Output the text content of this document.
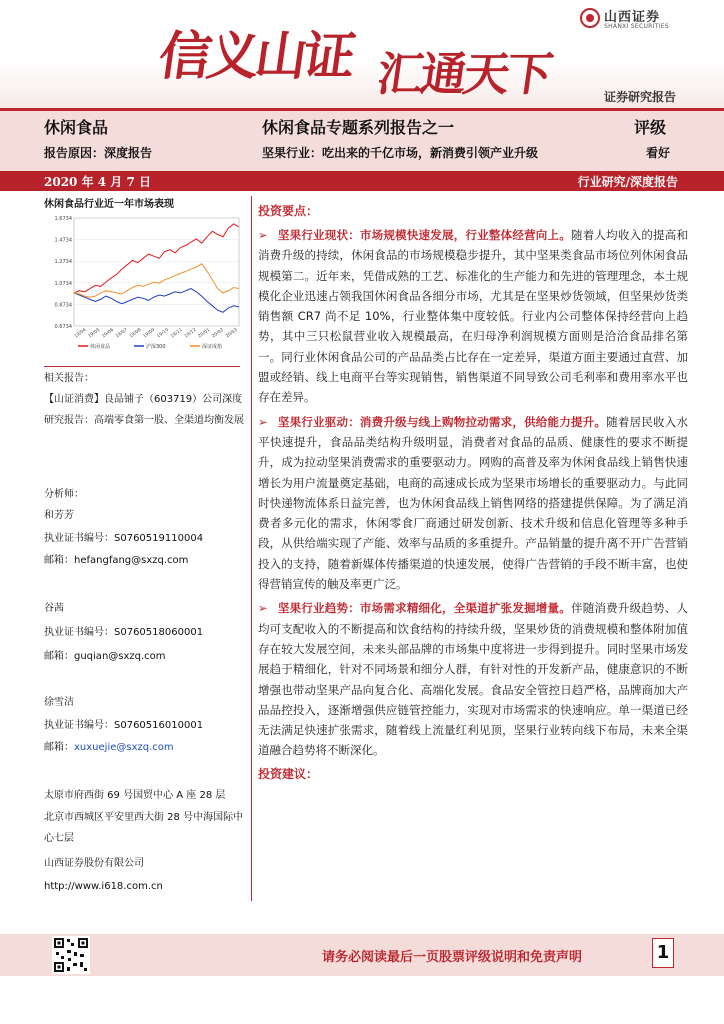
信义山证 汇通天下
山西证券
SHANXI SECURITIES
证券研究报告
休闲食品
报告原因：深度报告
休闲食品专题系列报告之一
坚果行业：吃出来的千亿市场，新消费引领产业升级
评级
看好
2020 年 4 月 7 日	行业研究/深度报告
休闲食品行业近一年市场表现
1.6734
1.4734
1.2734
1.0734
0.8734
0.6734
19/04 19/05 19/06 19/07 19/08 19/09 19/10 19/11 19/12 20/01 20/02 20/03
休闲食品	沪深300	深证成指
相关报告：
【山证消费】良品铺子（603719）公司深度研究报告：高端零食第一股、全渠道均衡发展
分析师：
和芳芳
执业证书编号：S0760519110004
邮箱：hefangfang@sxzq.com
谷茜
执业证书编号：S0760518060001
邮箱：guqian@sxzq.com
徐雪洁
执业证书编号：S0760516010001
邮箱：xuxuejie@sxzq.com
太原市府西街 69 号国贸中心 A 座 28 层
北京市西城区平安里西大街 28 号中海国际中心七层
山西证券股份有限公司
http://www.i618.com.cn
投资要点：

➢ 坚果行业现状：市场规模快速发展，行业整体经营向上。随着人均收入的提高和消费升级的持续，休闲食品的市场规模稳步提升，其中坚果类食品市场位列休闲食品规模第二。近年来，凭借成熟的工艺、标准化的生产能力和先进的管理理念，本土规模化企业迅速占领我国休闲食品各细分市场，尤其是在坚果炒货领域，但坚果炒货类销售额 CR7 尚不足 10%，行业整体集中度较低。行业内公司整体保持经营向上趋势，其中三只松鼠营业收入规模最高，在归母净利润规模方面则是洽洽食品排名第一。同行业休闲食品公司的产品品类占比存在一定差异，渠道方面主要通过直营、加盟或经销、线上电商平台等实现销售，销售渠道不同导致公司毛利率和费用率水平也存在差异。

➢ 坚果行业驱动：消费升级与线上购物拉动需求，供给能力提升。随着居民收入水平快速提升，食品品类结构升级明显，消费者对食品的品质、健康性的要求不断提升，成为拉动坚果消费需求的重要驱动力。网购的高普及率为休闲食品线上销售快速增长为用户流量奠定基础，电商的高速成长成为坚果市场增长的重要驱动力。与此同时快递物流体系日益完善，也为休闲食品线上销售网络的搭建提供保障。为了满足消费者多元化的需求，休闲零食厂商通过研发创新、技术升级和信息化管理等多种手段，从供给端实现了产能、效率与品质的多重提升。产品销量的提升离不开广告营销投入的支持，随着新媒体传播渠道的快速发展，使得广告营销的手段不断丰富，也使得营销宣传的触及率更广泛。

➢ 坚果行业趋势：市场需求精细化，全渠道扩张发掘增量。伴随消费升级趋势、人均可支配收入的不断提高和饮食结构的持续升级，坚果炒货的消费规模和整体附加值存在较大发展空间，未来头部品牌的市场集中度将进一步得到提升。同时坚果市场发展趋于精细化，针对不同场景和细分人群，有针对性的开发新产品，健康意识的不断增强也带动坚果产品向复合化、高端化发展。食品安全管控日趋严格，品牌商加大产品品控投入，逐渐增强供应链管控能力，实现对市场需求的快速响应。单一渠道已经无法满足快速扩张需求，随着线上流量红利见顶，坚果行业转向线下布局，未来全渠道融合趋势将不断深化。

投资建议：
请务必阅读最后一页股票评级说明和免责声明	1
